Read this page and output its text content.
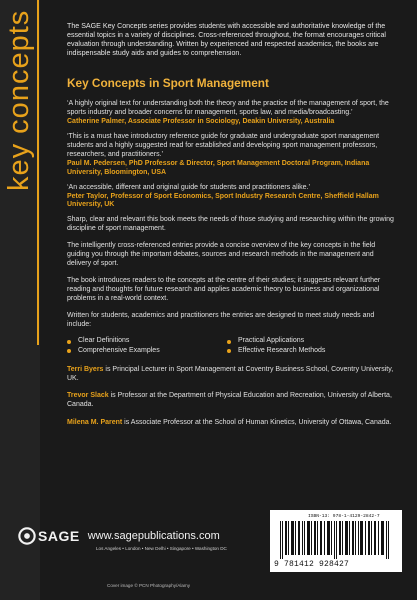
key concepts	The SAGE Key Concepts series provides students with accessible and authoritative knowledge of the essential topics in a variety of disciplines. Cross-referenced throughout, the format encourages critical evaluation through understanding. Written by experienced and respected academics, the books are indispensable study aids and guides to comprehension.

Key Concepts in Sport Management

‘A highly original text for understanding both the theory and the practice of the management of sport, the sports industry and broader concerns for management, sports law, and media/broadcasting.’

Catherine Palmer, Associate Professor in Sociology, Deakin University, Australia

‘This is a must have introductory reference guide for graduate and undergraduate sport management students and a highly suggested read for established and developing sport management professors, researchers, and practitioners.’

Paul M. Pedersen, PhD Professor & Director, Sport Management Doctoral Program, Indiana University, Bloomington, USA

‘An accessible, different and original guide for students and practitioners alike.’

Peter Taylor, Professor of Sport Economics, Sport Industry Research Centre, Sheffield Hallam University, UK

Sharp, clear and relevant this book meets the needs of those studying and researching within the growing discipline of sport management.

The intelligently cross-referenced entries provide a concise overview of the key concepts in the field guiding you through the important debates, sources and research methods in the management and delivery of sport.

The book introduces readers to the concepts at the centre of their studies; it suggests relevant further reading and thoughts for future research and applies academic theory to business and organizational problems in a real-world context.

Written for students, academics and practitioners the entries are designed to meet study needs and include:

Clear Definitions	Practical Applications
Comprehensive Examples	Effective Research Methods

Terri Byers is Principal Lecturer in Sport Management at Coventry Business School, Coventry University, UK.

Trevor Slack is Professor at the Department of Physical Education and Recreation, University of Alberta, Canada.

Milena M. Parent is Associate Professor at the School of Human Kinetics, University of Ottawa, Canada.

SAGE www.sagepublications.com
Los Angeles • London • New Delhi • Singapore • Washington DC
Cover image © PCN Photography/Alamy
ISBN-13: 978-1-4129-2842-7
9 781412 928427
